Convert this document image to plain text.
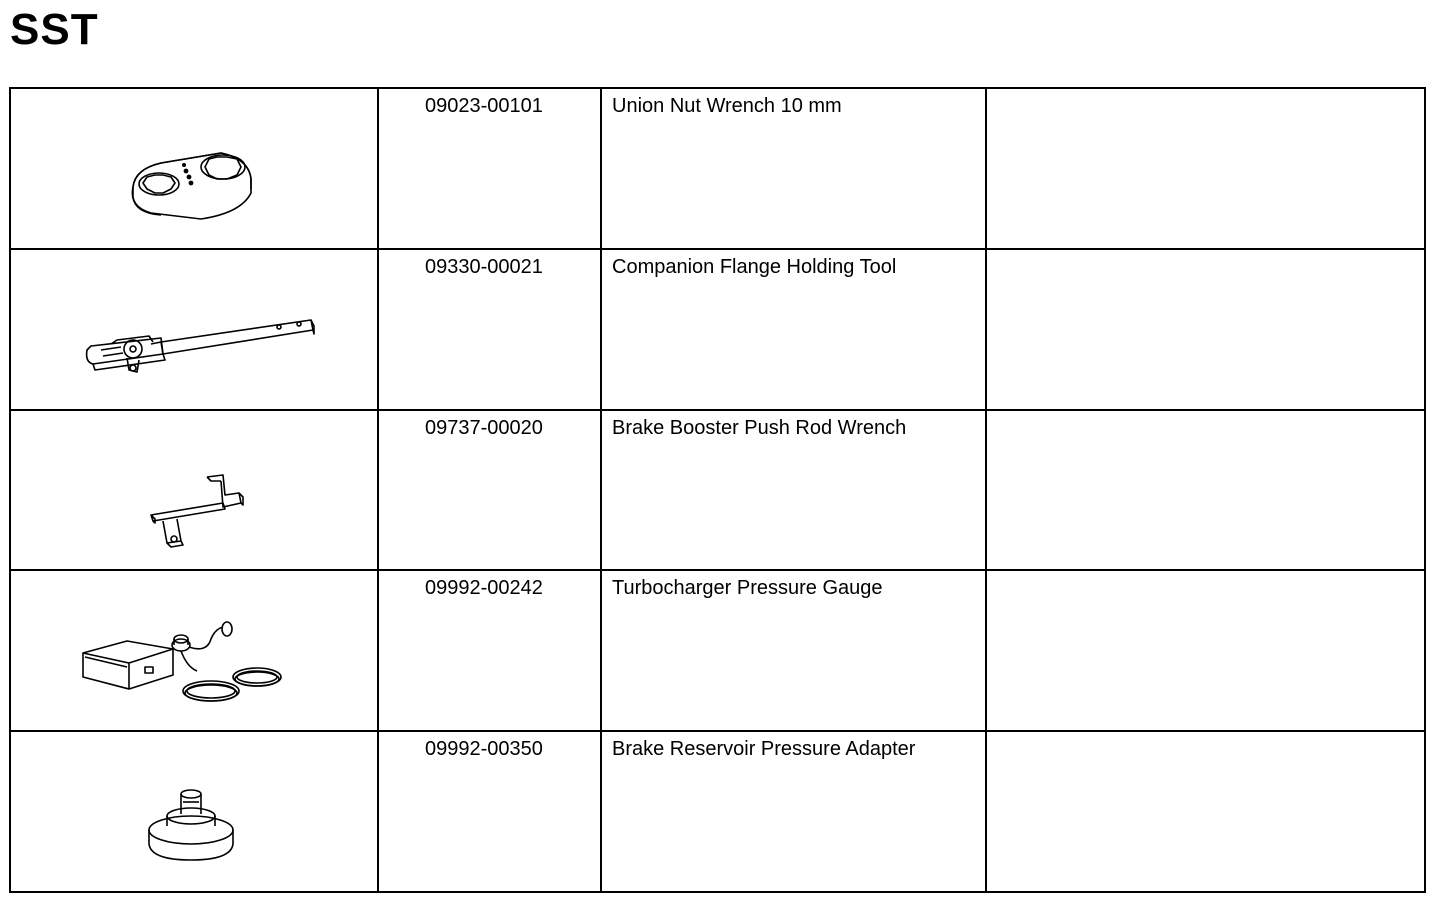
SST
	09023-00101	Union Nut Wrench 10 mm	

	09330-00021	Companion Flange Holding Tool	

	09737-00020	Brake Booster Push Rod Wrench	

	09992-00242	Turbocharger Pressure Gauge	

	09992-00350	Brake Reservoir Pressure Adapter	
